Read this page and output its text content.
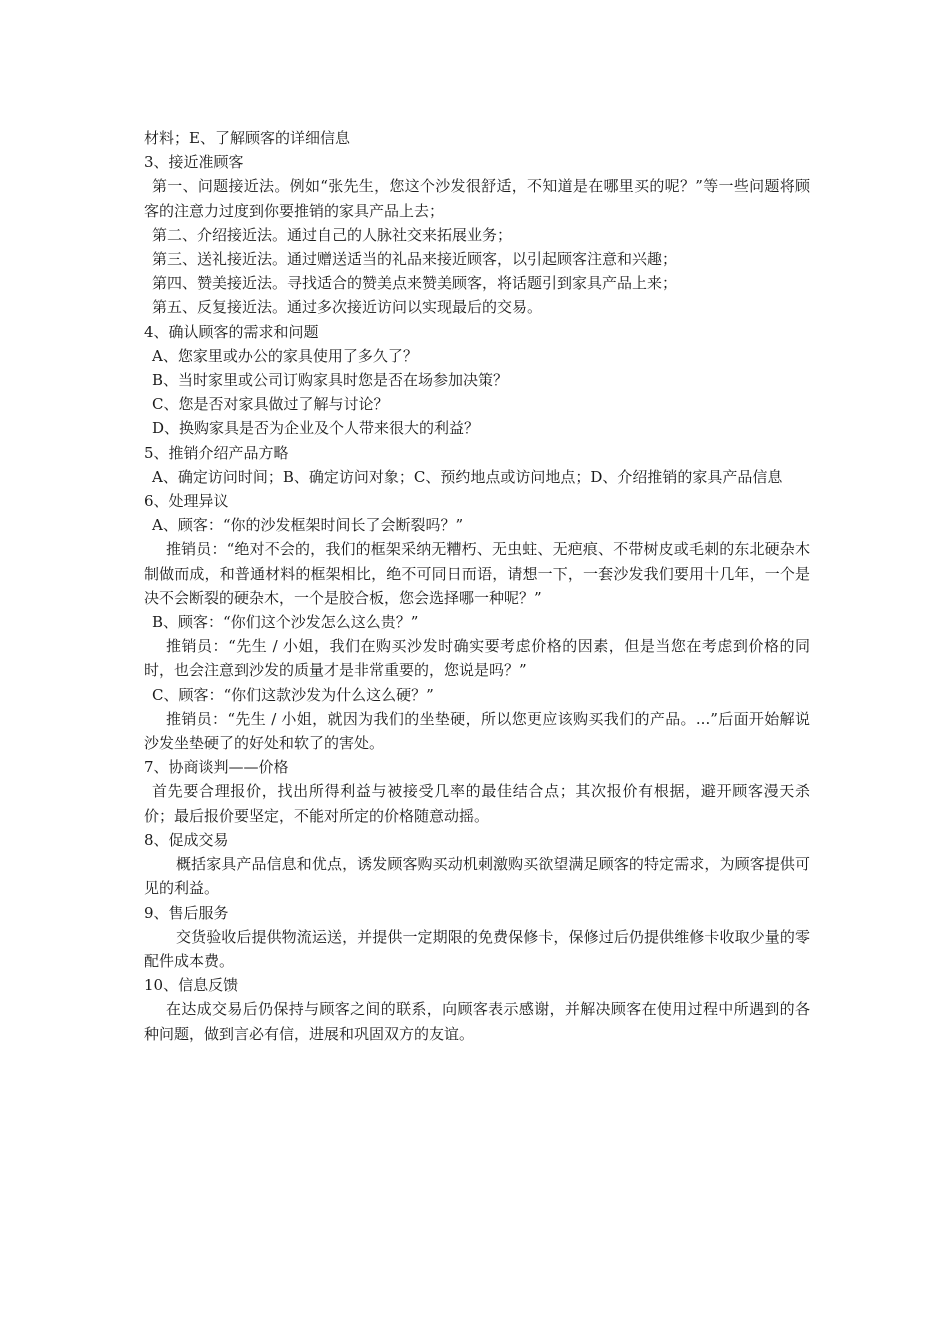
材料；E、了解顾客的详细信息
3、接近准顾客
第一、问题接近法。例如“张先生，您这个沙发很舒适，不知道是在哪里买的呢？”等一些问题将顾客的注意力过度到你要推销的家具产品上去；
第二、介绍接近法。通过自己的人脉社交来拓展业务；
第三、送礼接近法。通过赠送适当的礼品来接近顾客，以引起顾客注意和兴趣；
第四、赞美接近法。寻找适合的赞美点来赞美顾客，将话题引到家具产品上来；
第五、反复接近法。通过多次接近访问以实现最后的交易。
4、确认顾客的需求和问题
A、您家里或办公的家具使用了多久了？
B、当时家里或公司订购家具时您是否在场参加决策？
C、您是否对家具做过了解与讨论？
D、换购家具是否为企业及个人带来很大的利益？
5、推销介绍产品方略
A、确定访问时间；B、确定访问对象；C、预约地点或访问地点；D、介绍推销的家具产品信息
6、处理异议
A、顾客：“你的沙发框架时间长了会断裂吗？”
推销员：“绝对不会的，我们的框架采纳无糟朽、无虫蛀、无疤痕、不带树皮或毛刺的东北硬杂木制做而成，和普通材料的框架相比，绝不可同日而语，请想一下，一套沙发我们要用十几年，一个是决不会断裂的硬杂木，一个是胶合板，您会选择哪一种呢？”
B、顾客：“你们这个沙发怎么这么贵？”
推销员：“先生 / 小姐，我们在购买沙发时确实要考虑价格的因素，但是当您在考虑到价格的同时，也会注意到沙发的质量才是非常重要的，您说是吗？”
C、顾客：“你们这款沙发为什么这么硬？”
推销员：“先生 / 小姐，就因为我们的坐垫硬，所以您更应该购买我们的产品。...”后面开始解说沙发坐垫硬了的好处和软了的害处。
7、协商谈判——价格
首先要合理报价，找出所得利益与被接受几率的最佳结合点；其次报价有根据，避开顾客漫天杀价；最后报价要坚定，不能对所定的价格随意动摇。
8、促成交易
概括家具产品信息和优点，诱发顾客购买动机刺激购买欲望满足顾客的特定需求，为顾客提供可见的利益。
9、售后服务
交货验收后提供物流运送，并提供一定期限的免费保修卡，保修过后仍提供维修卡收取少量的零配件成本费。
10、信息反馈
在达成交易后仍保持与顾客之间的联系，向顾客表示感谢，并解决顾客在使用过程中所遇到的各种问题，做到言必有信，进展和巩固双方的友谊。
